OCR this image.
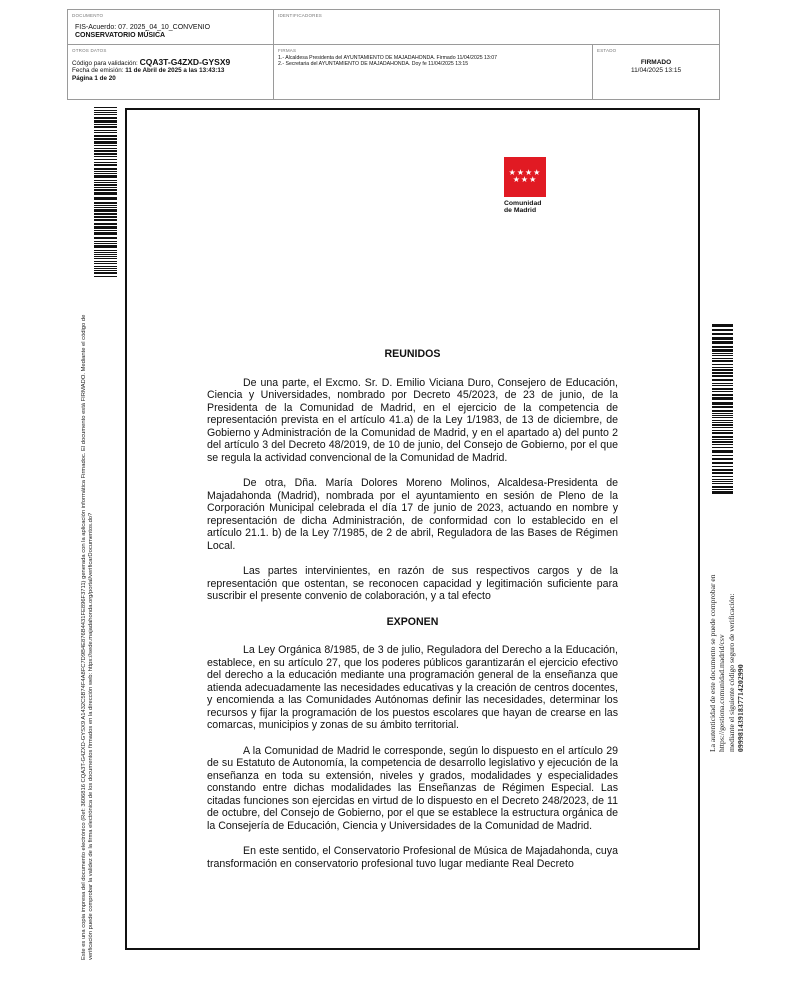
DOCUMENTO
FIS-Acuerdo: 07. 2025_04_10_CONVENIO
CONSERVATORIO MÚSICA
IDENTIFICADORES
OTROS DATOS
Código para validación: CQA3T-G4ZXD-GYSX9
Fecha de emisión: 11 de Abril de 2025 a las 13:43:13
Página 1 de 20
FIRMAS
1.- Alcaldesa Presidenta del AYUNTAMIENTO DE MAJADAHONDA. Firmado 11/04/2025 13:07
2.- Secretaria del AYUNTAMIENTO DE MAJADAHONDA. Doy fe 11/04/2025 13:15
ESTADO
FIRMADO
11/04/2025 13:15
Este es una copia impresa del documento electrónico (Ref: 3606816 CQA3T-G4ZXD-GYSX9 A1432C5B74F4A8FC7D9B4E876B4431FE896F3711) generada con la aplicación informática Firmadoc. El documento está FIRMADO. Mediante el código de verificación puede comprobar la validez de la firma electrónica de los documentos firmados en la dirección web: https://sede.majadahonda.org/portal/verificarDocumentos.do?	La autenticidad de este documento se puede comprobar en https://gestiona.comunidad.madrid/csv mediante el siguiente código seguro de verificación: 0999814391837714202990
★★★★ ★★★
Comunidad
de Madrid
REUNIDOS

De una parte, el Excmo. Sr. D. Emilio Viciana Duro, Consejero de Educación, Ciencia y Universidades, nombrado por Decreto 45/2023, de 23 de junio, de la Presidenta de la Comunidad de Madrid, en el ejercicio de la competencia de representación prevista en el artículo 41.a) de la Ley 1/1983, de 13 de diciembre, de Gobierno y Administración de la Comunidad de Madrid, y en el apartado a) del punto 2 del artículo 3 del Decreto 48/2019, de 10 de junio, del Consejo de Gobierno, por el que se regula la actividad convencional de la Comunidad de Madrid.

De otra, Dña. María Dolores Moreno Molinos, Alcaldesa-Presidenta de Majadahonda (Madrid), nombrada por el ayuntamiento en sesión de Pleno de la Corporación Municipal celebrada el día 17 de junio de 2023, actuando en nombre y representación de dicha Administración, de conformidad con lo establecido en el artículo 21.1. b) de la Ley 7/1985, de 2 de abril, Reguladora de las Bases de Régimen Local.

Las partes intervinientes, en razón de sus respectivos cargos y de la representación que ostentan, se reconocen capacidad y legitimación suficiente para suscribir el presente convenio de colaboración, y a tal efecto

EXPONEN

La Ley Orgánica 8/1985, de 3 de julio, Reguladora del Derecho a la Educación, establece, en su artículo 27, que los poderes públicos garantizarán el ejercicio efectivo del derecho a la educación mediante una programación general de la enseñanza que atienda adecuadamente las necesidades educativas y la creación de centros docentes, y encomienda a las Comunidades Autónomas definir las necesidades, determinar los recursos y fijar la programación de los puestos escolares que hayan de crearse en las comarcas, municipios y zonas de su ámbito territorial.

A la Comunidad de Madrid le corresponde, según lo dispuesto en el artículo 29 de su Estatuto de Autonomía, la competencia de desarrollo legislativo y ejecución de la enseñanza en toda su extensión, niveles y grados, modalidades y especialidades constando entre dichas modalidades las Enseñanzas de Régimen Especial. Las citadas funciones son ejercidas en virtud de lo dispuesto en el Decreto 248/2023, de 11 de octubre, del Consejo de Gobierno, por el que se establece la estructura orgánica de la Consejería de Educación, Ciencia y Universidades de la Comunidad de Madrid.

En este sentido, el Conservatorio Profesional de Música de Majadahonda, cuya transformación en conservatorio profesional tuvo lugar mediante Real Decreto
